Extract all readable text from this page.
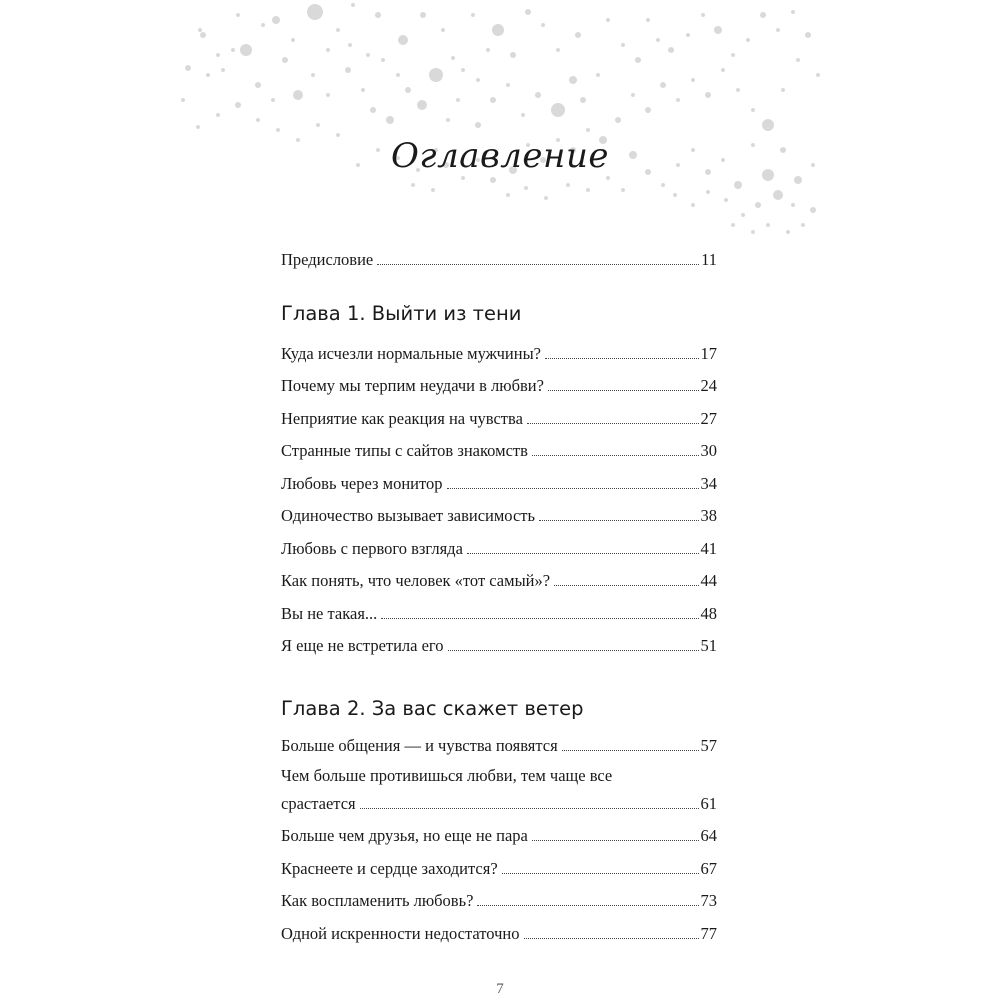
Оглавление
Предисловие	11
Глава 1. Выйти из тени
Куда исчезли нормальные мужчины?	17
Почему мы терпим неудачи в любви?	24
Неприятие как реакция на чувства	27
Странные типы с сайтов знакомств	30
Любовь через монитор	34
Одиночество вызывает зависимость	38
Любовь с первого взгляда	41
Как понять, что человек «тот самый»?	44
Вы не такая...	48
Я еще не встретила его	51
Глава 2. За вас скажет ветер
Больше общения — и чувства появятся	57
Чем больше противишься любви, тем чаще все
срастается	61
Больше чем друзья, но еще не пара	64
Краснеете и сердце заходится?	67
Как воспламенить любовь?	73
Одной искренности недостаточно	77
7
